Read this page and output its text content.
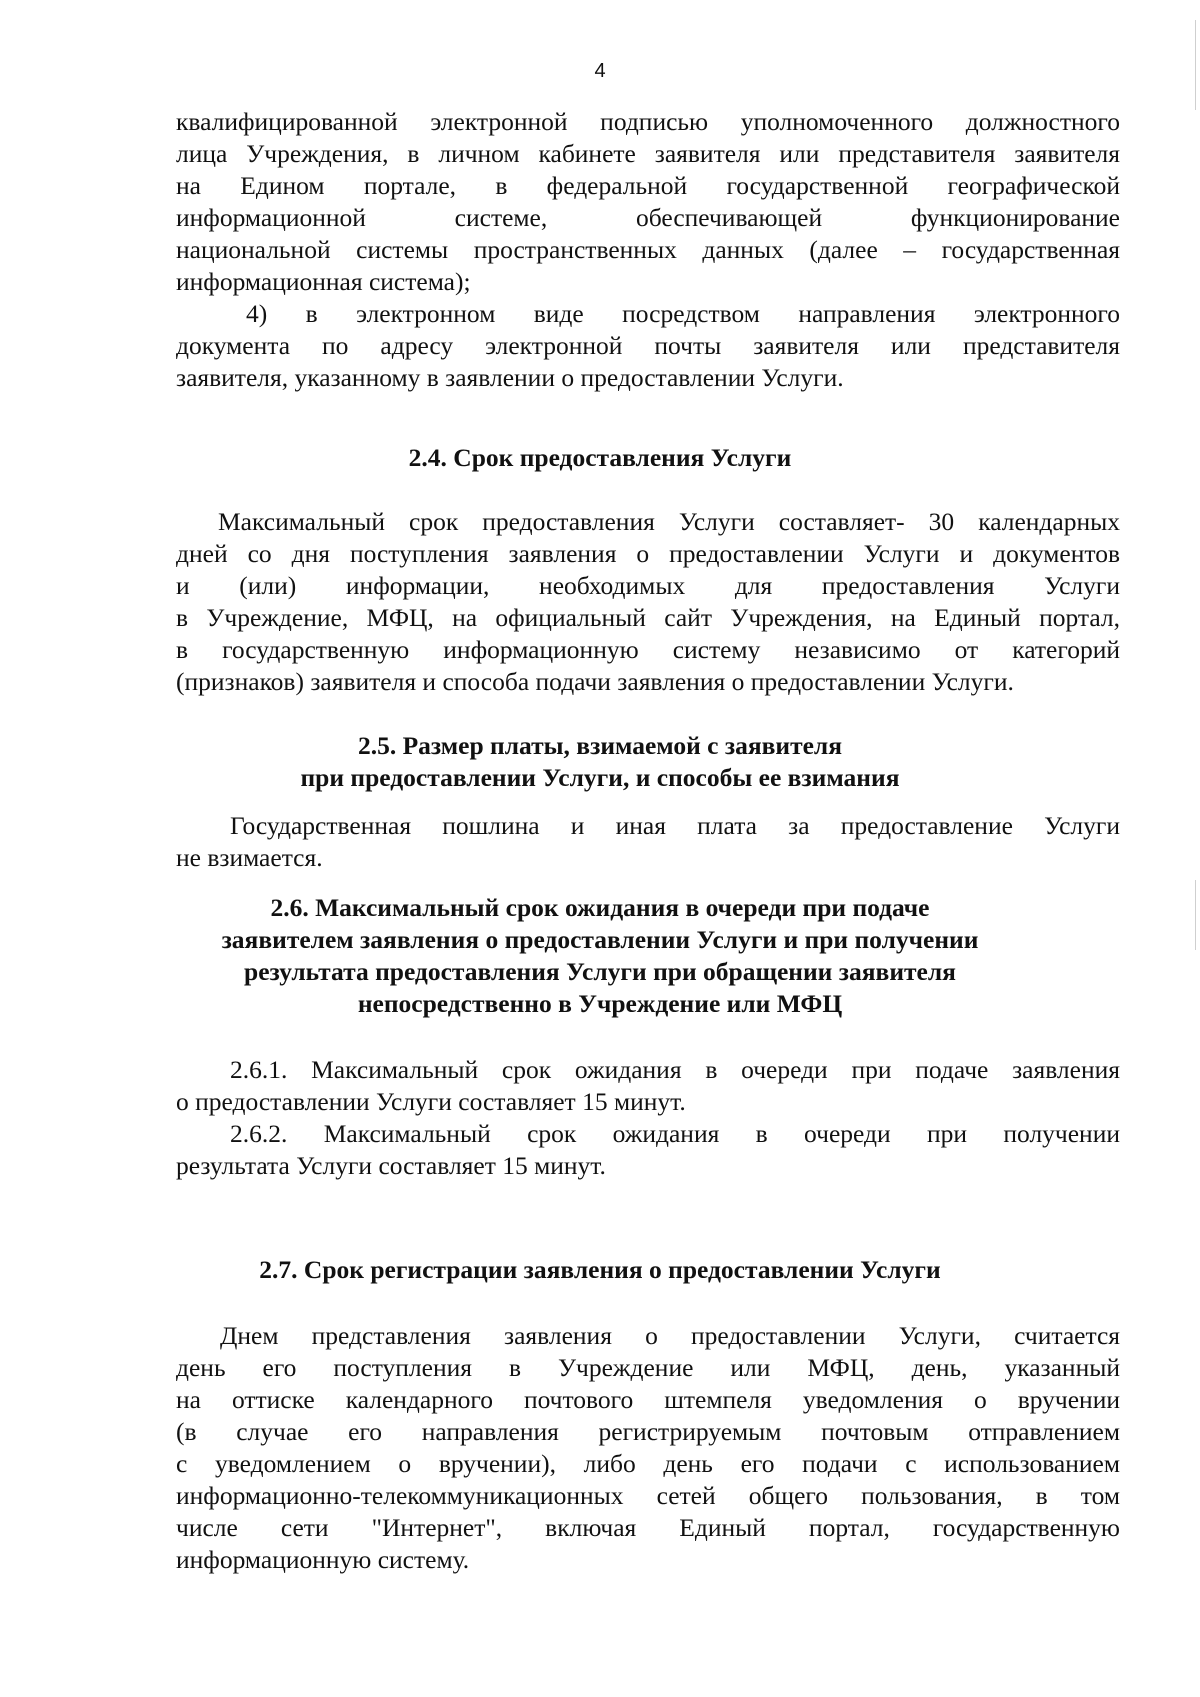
4

квалифицированной электронной подписью уполномоченного должностного

лица Учреждения, в личном кабинете заявителя или представителя заявителя

на Едином портале, в федеральной государственной географической

информационной системе, обеспечивающей функционирование

национальной системы пространственных данных (далее – государственная

информационная система);

4) в электронном виде посредством направления электронного

документа по адресу электронной почты заявителя или представителя

заявителя, указанному в заявлении о предоставлении Услуги.

2.4. Срок предоставления Услуги

Максимальный срок предоставления Услуги составляет- 30 календарных

дней со дня поступления заявления о предоставлении Услуги и документов

и (или) информации, необходимых для предоставления Услуги

в Учреждение, МФЦ, на официальный сайт Учреждения, на Единый портал,

в государственную информационную систему независимо от категорий

(признаков) заявителя и способа подачи заявления о предоставлении Услуги.

2.5. Размер платы, взимаемой с заявителя
при предоставлении Услуги, и способы ее взимания

Государственная пошлина и иная плата за предоставление Услуги

не взимается.

2.6. Максимальный срок ожидания в очереди при подаче
заявителем заявления о предоставлении Услуги и при получении
результата предоставления Услуги при обращении заявителя
непосредственно в Учреждение или МФЦ

2.6.1. Максимальный срок ожидания в очереди при подаче заявления

о предоставлении Услуги составляет 15 минут.

2.6.2. Максимальный срок ожидания в очереди при получении

результата Услуги составляет 15 минут.

2.7. Срок регистрации заявления о предоставлении Услуги

Днем представления заявления о предоставлении Услуги, считается

день его поступления в Учреждение или МФЦ, день, указанный

на оттиске календарного почтового штемпеля уведомления о вручении

(в случае его направления регистрируемым почтовым отправлением

с уведомлением о вручении), либо день его подачи с использованием

информационно-телекоммуникационных сетей общего пользования, в том

числе сети "Интернет", включая Единый портал, государственную

информационную систему.
